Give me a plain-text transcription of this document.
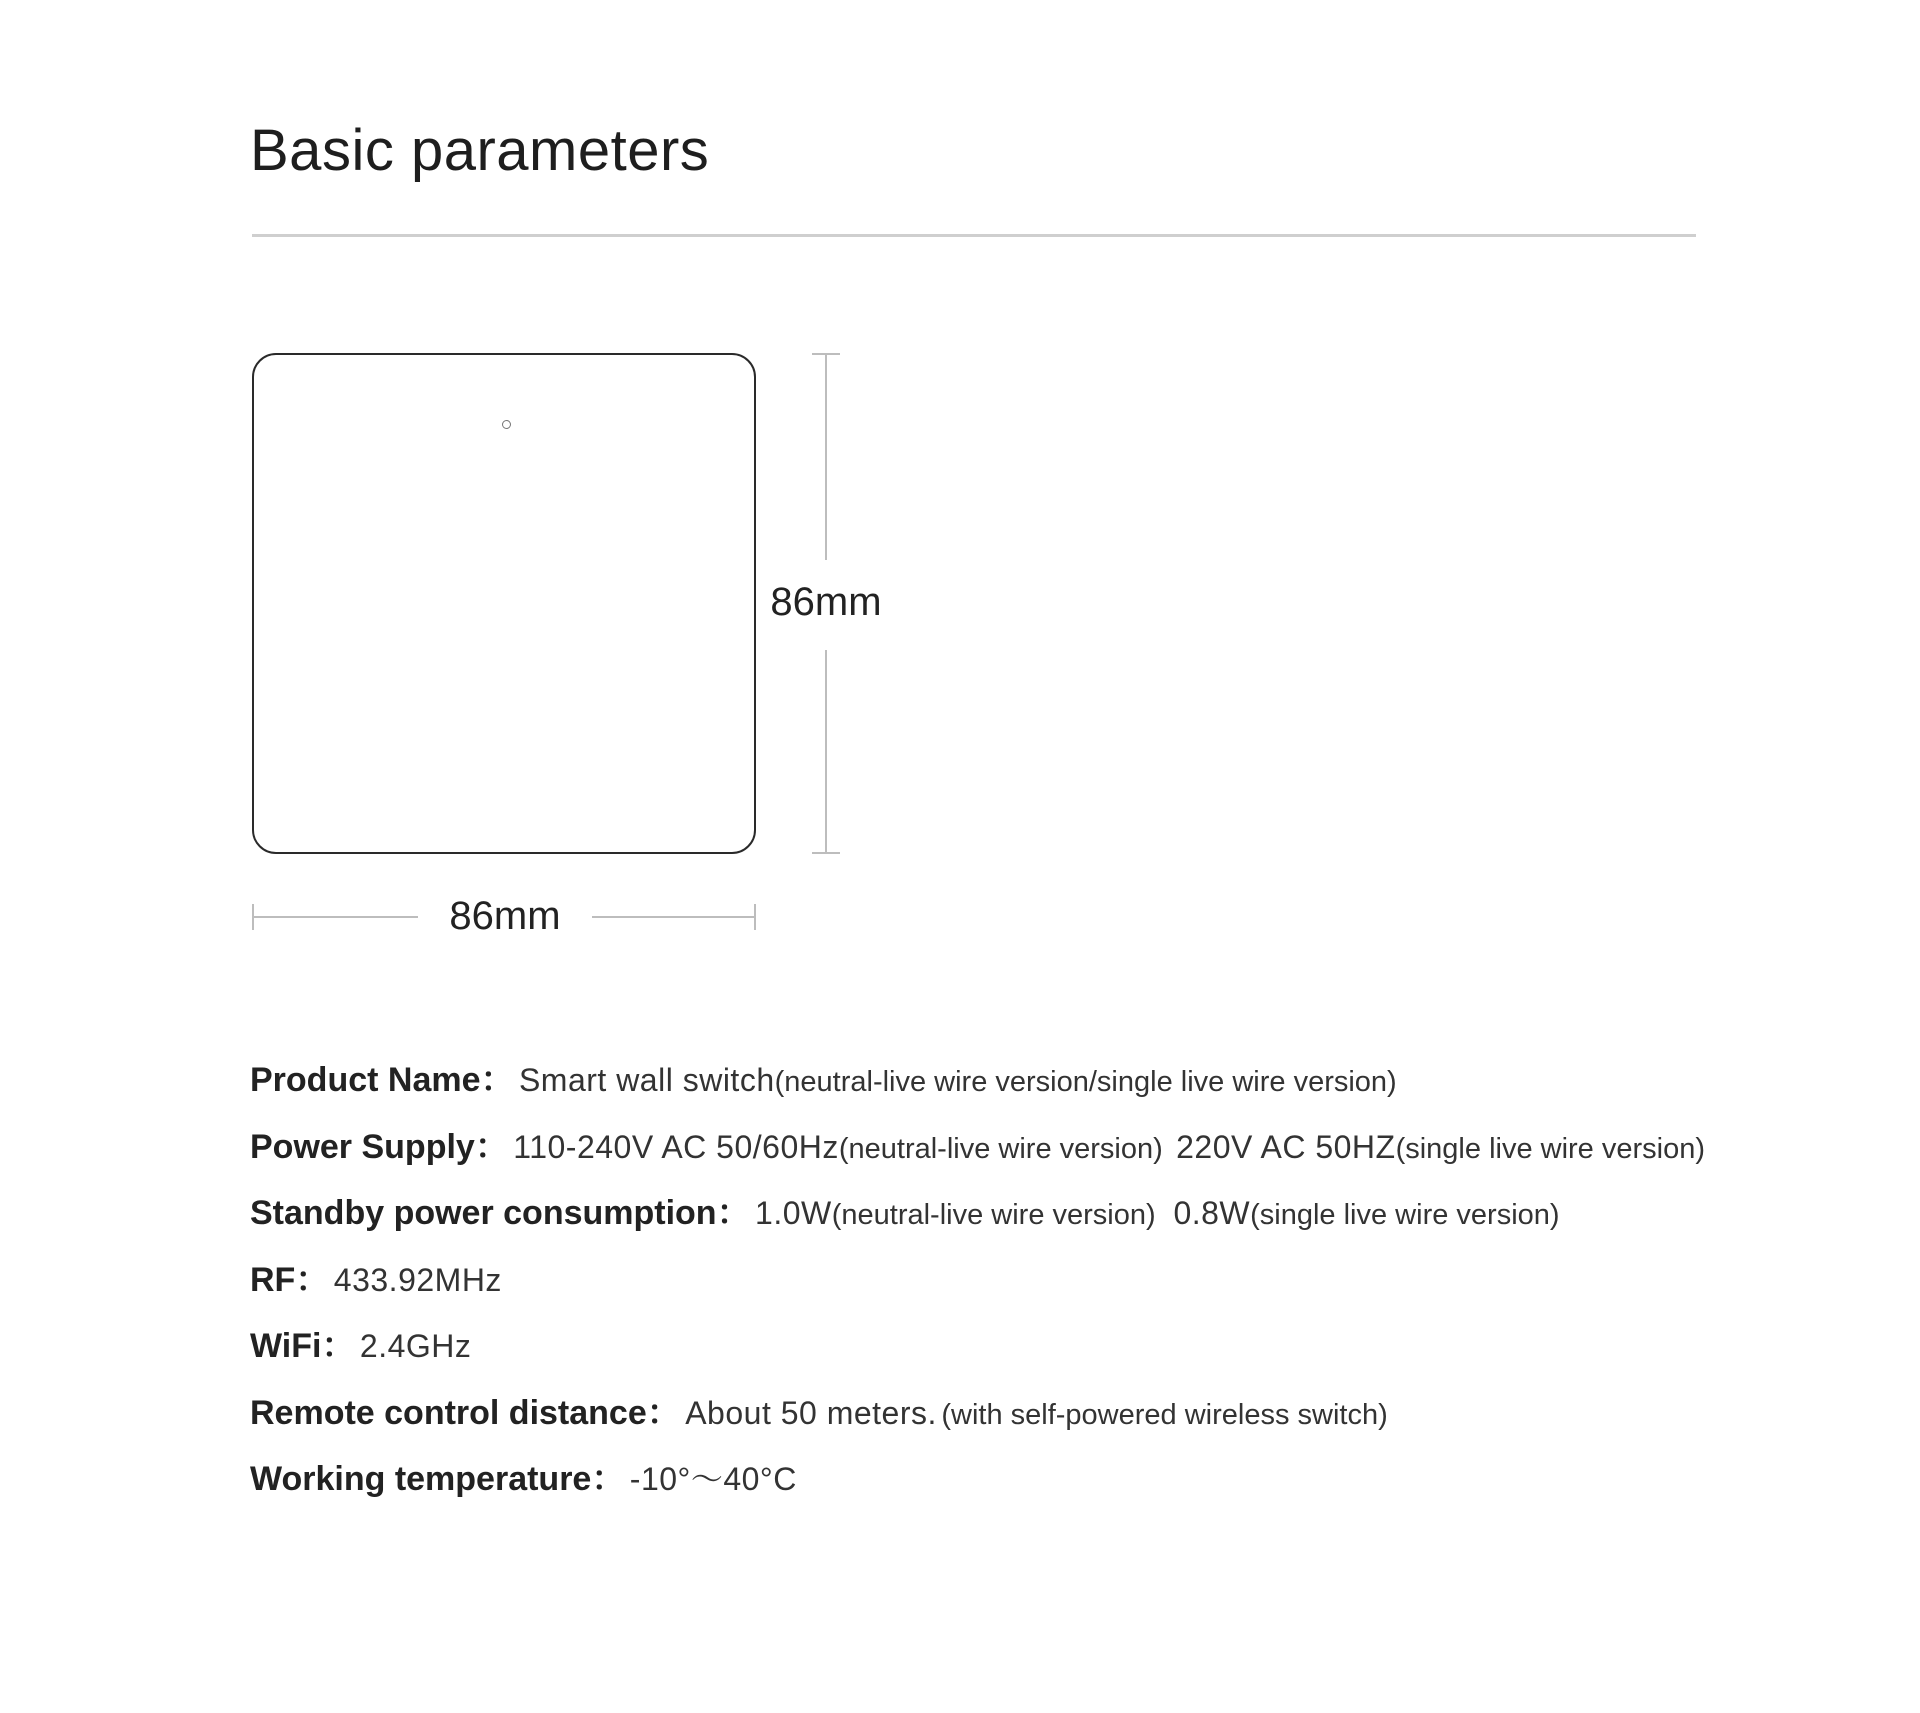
Basic parameters
86mm
86mm
Product Name： Smart wall switch(neutral-live wire version/single live wire version)
Power Supply： 110-240V AC 50/60Hz(neutral-live wire version) 220V AC 50HZ(single live wire version)
Standby power consumption： 1.0W(neutral-live wire version) 0.8W(single live wire version)
RF： 433.92MHz
WiFi： 2.4GHz
Remote control distance： About 50 meters. (with self-powered wireless switch)
Working temperature： -10°～40°C
